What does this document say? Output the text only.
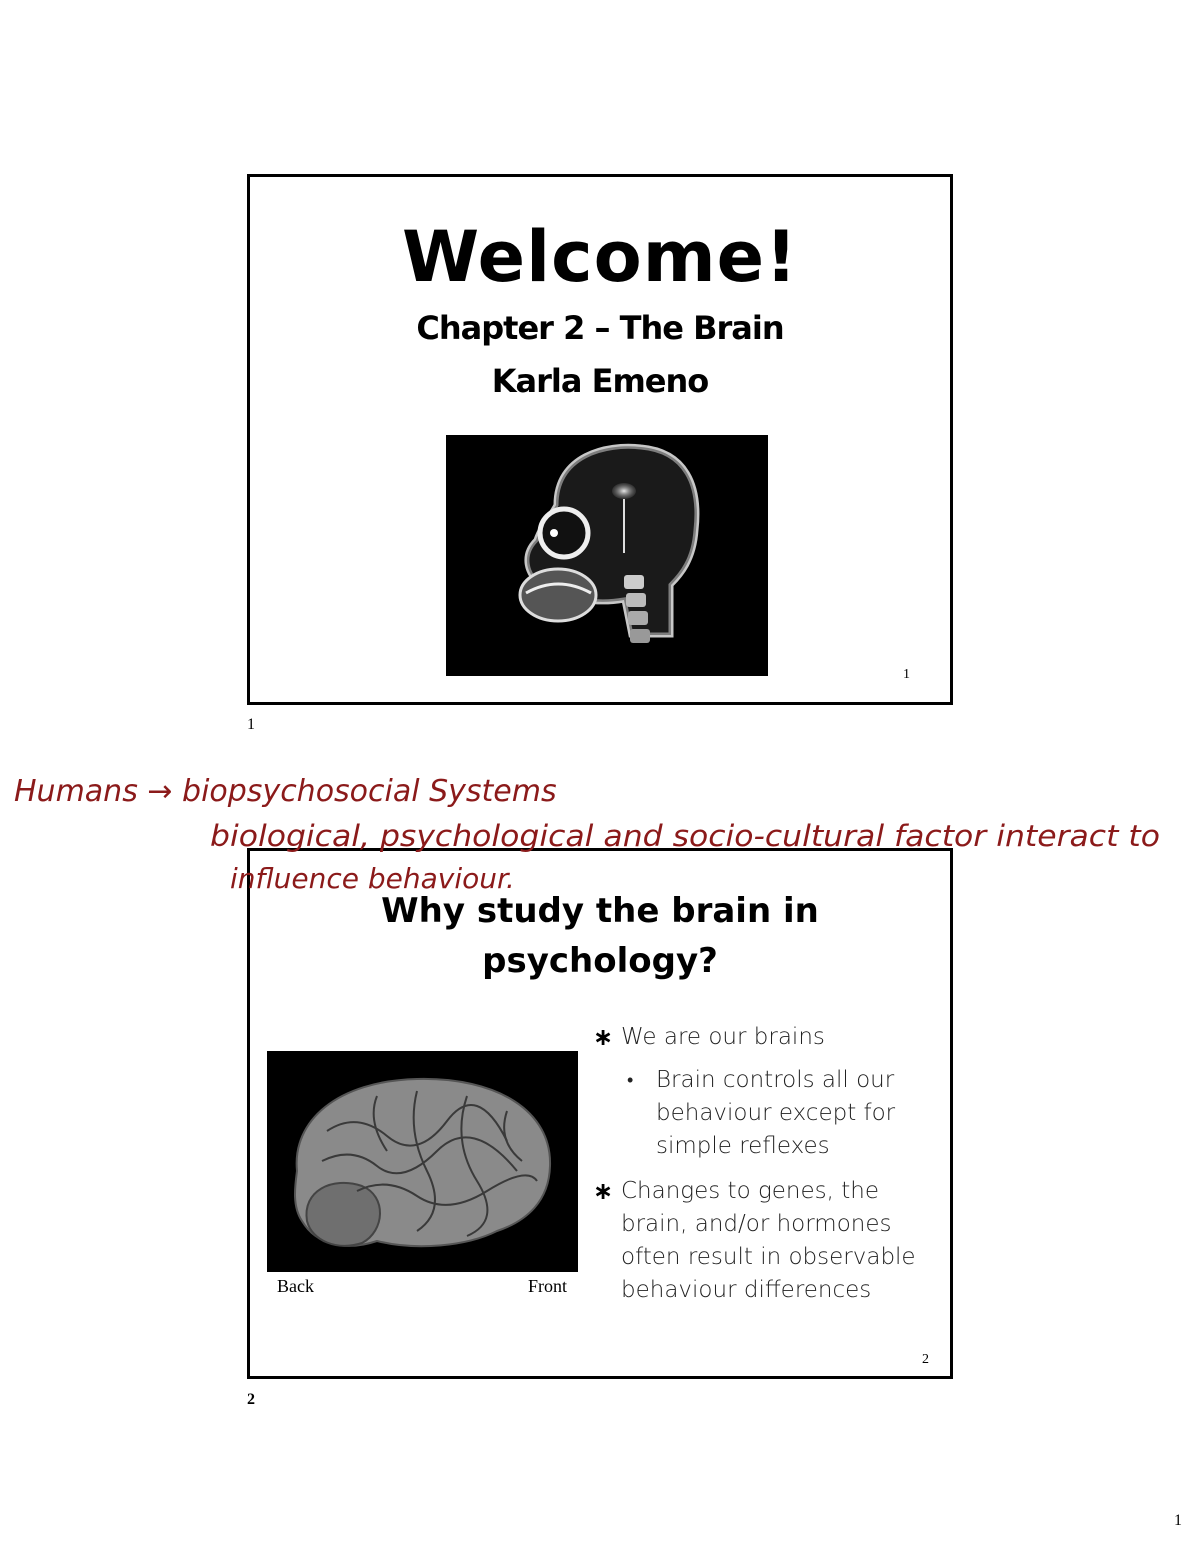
Welcome!
Chapter 2 – The Brain
Karla Emeno
1
1
Why study the brain in
psychology?
Back	Front
∗ We are our brains
• Brain controls all our behaviour except for simple reflexes
∗ Changes to genes, the brain, and/or hormones often result in observable behaviour differences
2
2
1
Humans → biopsychosocial Systems
biological, psychological and socio-cultural factor interact to
influence behaviour.
